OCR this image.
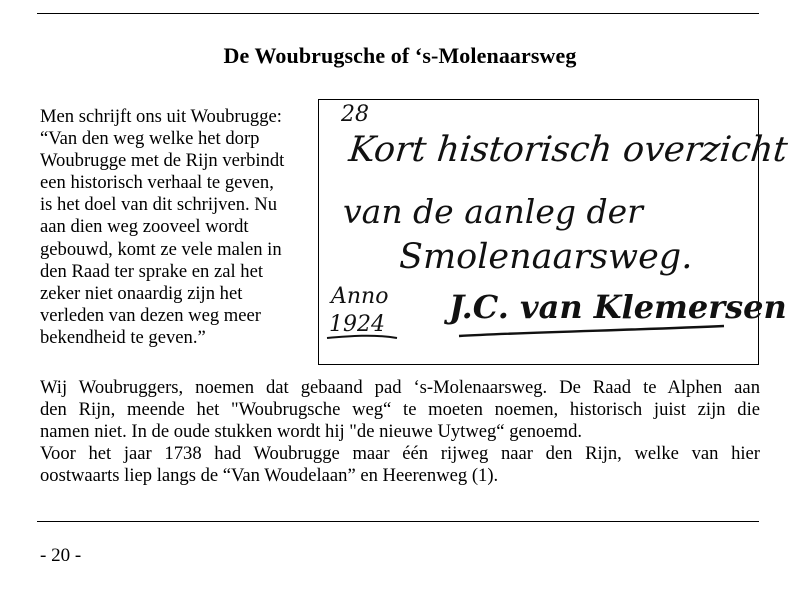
De Woubrugsche of ‘s-Molenaarsweg
Men schrijft ons uit Woubrugge:
“Van den weg welke het dorp
Woubrugge met de Rijn verbindt
een historisch verhaal te geven,
is het doel van dit schrijven. Nu
aan dien weg zooveel wordt
gebouwd, komt ze vele malen in
den Raad ter sprake en zal het
zeker niet onaardig zijn het
verleden van dezen weg meer
bekendheid te geven.”
28
Kort historisch overzicht
van de aanleg der
Smolenaarsweg.
Anno
1924 J.C. van Klemersen
Wij Woubruggers, noemen dat gebaand pad ‘s-Molenaarsweg. De Raad te Alphen aan
den Rijn, meende het "Woubrugsche weg“ te moeten noemen, historisch juist zijn die
namen niet. In de oude stukken wordt hij "de nieuwe Uytweg“ genoemd.
Voor het jaar 1738 had Woubrugge maar één rijweg naar den Rijn, welke van hier
oostwaarts liep langs de “Van Woudelaan” en Heerenweg (1).
- 20 -
